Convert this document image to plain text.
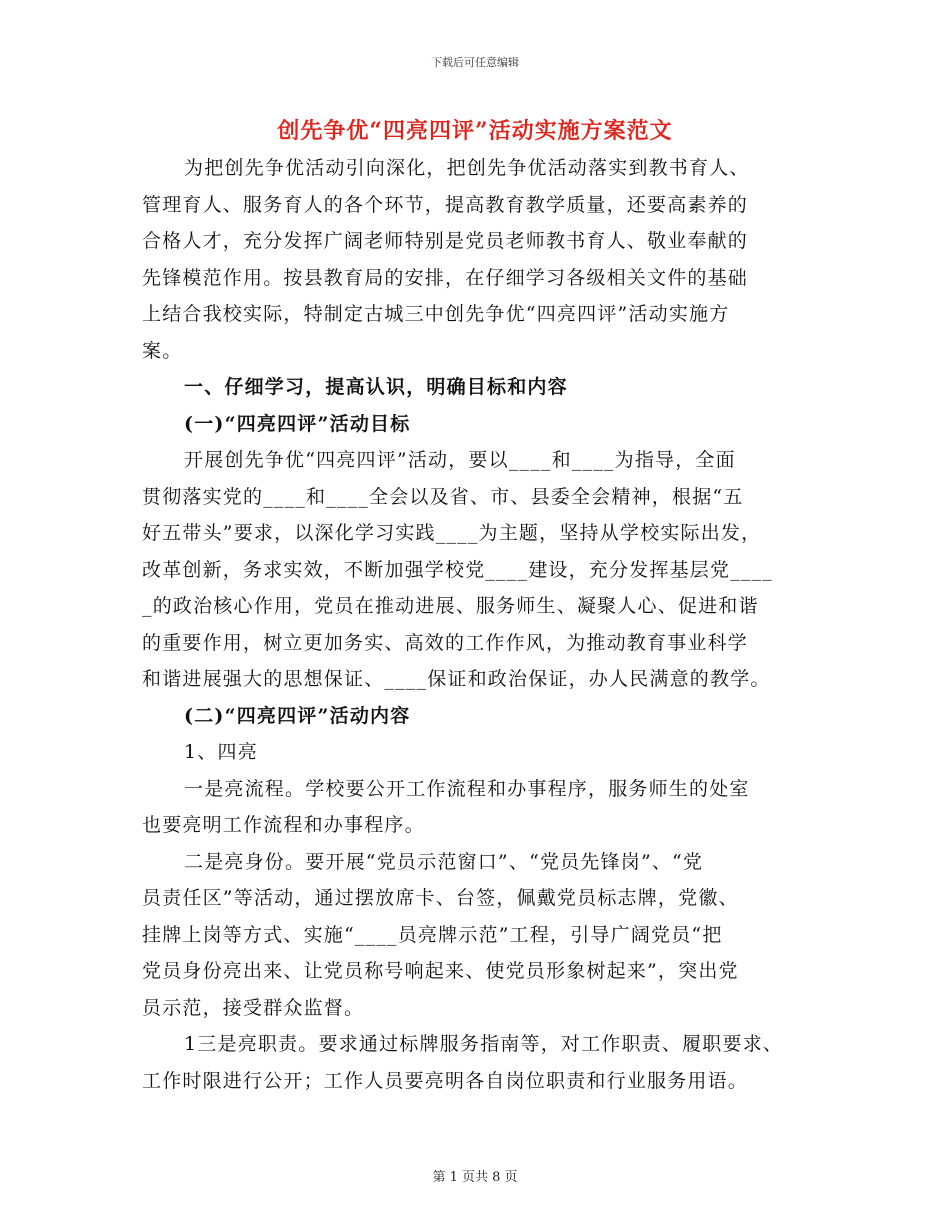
下载后可任意编辑
创先争优“四亮四评”活动实施方案范文
为把创先争优活动引向深化，把创先争优活动落实到教书育人、
管理育人、服务育人的各个环节，提高教育教学质量，还要高素养的
合格人才，充分发挥广阔老师特别是党员老师教书育人、敬业奉献的
先锋模范作用。按县教育局的安排，在仔细学习各级相关文件的基础
上结合我校实际，特制定古城三中创先争优“四亮四评”活动实施方
案。
一、仔细学习，提高认识，明确目标和内容
(一)“四亮四评”活动目标
开展创先争优“四亮四评”活动，要以____和____为指导，全面
贯彻落实党的____和____全会以及省、市、县委全会精神，根据“五
好五带头”要求，以深化学习实践____为主题，坚持从学校实际出发，
改革创新，务求实效，不断加强学校党____建设，充分发挥基层党____
_的政治核心作用，党员在推动进展、服务师生、凝聚人心、促进和谐
的重要作用，树立更加务实、高效的工作作风，为推动教育事业科学
和谐进展强大的思想保证、____保证和政治保证，办人民满意的教学。
(二)“四亮四评”活动内容
1、四亮
一是亮流程。学校要公开工作流程和办事程序，服务师生的处室
也要亮明工作流程和办事程序。
二是亮身份。要开展“党员示范窗口”、“党员先锋岗”、“党
员责任区”等活动，通过摆放席卡、台签，佩戴党员标志牌，党徽、
挂牌上岗等方式、实施“____员亮牌示范”工程，引导广阔党员“把
党员身份亮出来、让党员称号响起来、使党员形象树起来”，突出党
员示范，接受群众监督。
1三是亮职责。要求通过标牌服务指南等，对工作职责、履职要求、
工作时限进行公开；工作人员要亮明各自岗位职责和行业服务用语。
第 1 页共 8 页
